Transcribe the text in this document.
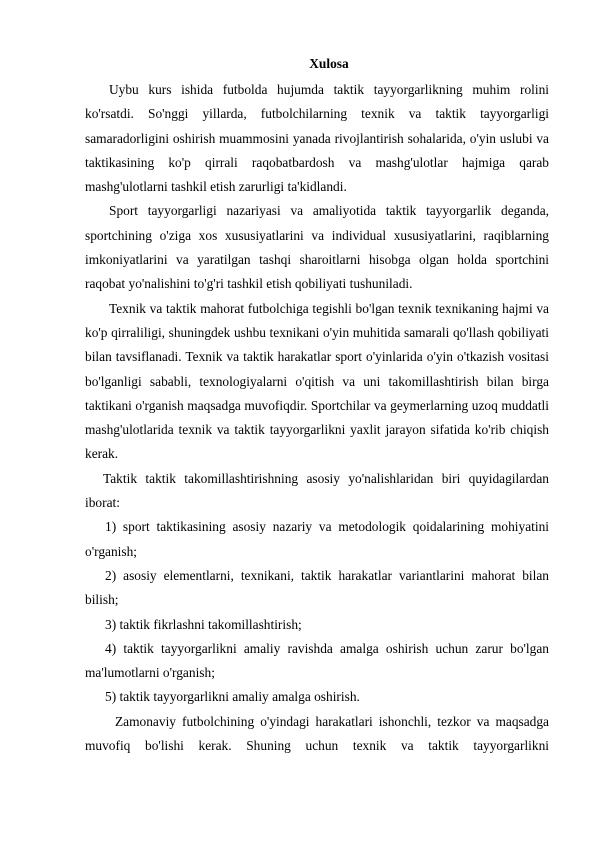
Xulosa

Uybu kurs ishida futbolda hujumda taktik tayyorgarlikning muhim rolini ko'rsatdi. So'nggi yillarda, futbolchilarning texnik va taktik tayyorgarligi samaradorligini oshirish muammosini yanada rivojlantirish sohalarida, o'yin uslubi va taktikasining ko'p qirrali raqobatbardosh va mashg'ulotlar hajmiga qarab mashg'ulotlarni tashkil etish zarurligi ta'kidlandi.

Sport tayyorgarligi nazariyasi va amaliyotida taktik tayyorgarlik deganda, sportchining o'ziga xos xususiyatlarini va individual xususiyatlarini, raqiblarning imkoniyatlarini va yaratilgan tashqi sharoitlarni hisobga olgan holda sportchini raqobat yo'nalishini to'g'ri tashkil etish qobiliyati tushuniladi.

Texnik va taktik mahorat futbolchiga tegishli bo'lgan texnik texnikaning hajmi va ko'p qirraliligi, shuningdek ushbu texnikani o'yin muhitida samarali qo'llash qobiliyati bilan tavsiflanadi. Texnik va taktik harakatlar sport o'yinlarida o'yin o'tkazish vositasi bo'lganligi sababli, texnologiyalarni o'qitish va uni takomillashtirish bilan birga taktikani o'rganish maqsadga muvofiqdir. Sportchilar va geymerlarning uzoq muddatli mashg'ulotlarida texnik va taktik tayyorgarlikni yaxlit jarayon sifatida ko'rib chiqish kerak.

Taktik taktik takomillashtirishning asosiy yo'nalishlaridan biri quyidagilardan iborat:

1) sport taktikasining asosiy nazariy va metodologik qoidalarining mohiyatini o'rganish;

2) asosiy elementlarni, texnikani, taktik harakatlar variantlarini mahorat bilan bilish;

3) taktik fikrlashni takomillashtirish;

4) taktik tayyorgarlikni amaliy ravishda amalga oshirish uchun zarur bo'lgan ma'lumotlarni o'rganish;

5) taktik tayyorgarlikni amaliy amalga oshirish.

Zamonaviy futbolchining o'yindagi harakatlari ishonchli, tezkor va maqsadga muvofiq bo'lishi kerak. Shuning uchun texnik va taktik tayyorgarlikni
